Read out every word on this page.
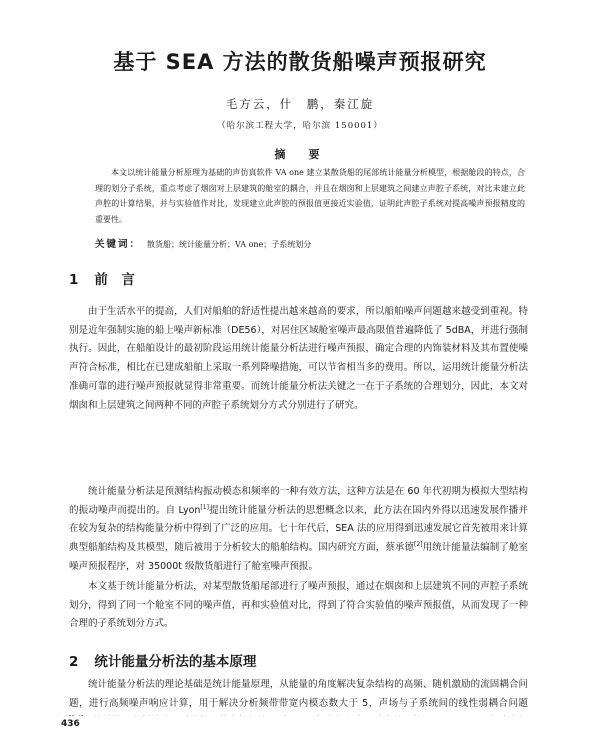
基于 SEA 方法的散货船噪声预报研究
毛方云，什　鹏，秦江旋
（哈尔滨工程大学，哈尔滨 150001）
摘　要
本文以统计能量分析原理为基础的声仿真软件 VA one 建立某散货船的尾部统计能量分析模型，根据舱段的特点，合理的划分子系统，重点考虑了烟囱对上层建筑的舱室的耦合，并且在烟囱和上层建筑之间建立声腔子系统，对比未建立此声腔的计算结果，并与实验值作对比，发现建立此声腔的预报值更接近实验值，证明此声腔子系统对提高噪声预报精度的重要性。
关键词： 散货船；统计能量分析；VA one；子系统划分
1 前　言
由于生活水平的提高，人们对船舶的舒适性提出越来越高的要求，所以船舶噪声问题越来越受到重视。特别是近年强制实施的船上噪声新标准（DE56），对居住区域舱室噪声最高限值普遍降低了 5dBA，并进行强制执行。因此，在船舶设计的最初阶段运用统计能量分析法进行噪声预报，确定合理的内饰装材料及其布置使噪声符合标准，相比在已建成船舶上采取一系列降噪措施，可以节省相当多的费用。所以，运用统计能量分析法准确可靠的进行噪声预报就显得非常重要。而统计能量分析法关键之一在于子系统的合理划分，因此，本文对烟囱和上层建筑之间两种不同的声腔子系统划分方式分别进行了研究。
统计能量分析法是预测结构振动模态和频率的一种有效方法，这种方法是在 60 年代初期为模拟大型结构的振动噪声而提出的。自 Lyon[1]提出统计能量分析法的思想概念以来，此方法在国内外得以迅速发展作播并在较为复杂的结构能量分析中得到了广泛的应用。七十年代后，SEA 法的应用得到迅速发展它首先被用来计算典型船舶结构及其模型，随后被用于分析较大的船舶结构。国内研究方面，蔡承德[2]用统计能量法编制了舱室噪声预报程序，对 35000t 级散货船进行了舱室噪声预报。
本文基于统计能量分析法，对某型散货船尾部进行了噪声预报，通过在烟囱和上层建筑不同的声腔子系统划分，得到了同一个舱室不同的噪声值，再和实验值对比，得到了符合实验值的噪声预报值，从而发现了一种合理的子系统划分方式。
2 统计能量分析法的基本原理
统计能量分析法的理论基础是统计能量原理，从能量的角度解决复杂结构的高频、随机激励的流固耦合问题，进行高频噪声响应计算，用于解决分析频带带宽内模态数大于 5，声场与子系统间的线性弱耦合问题
436
